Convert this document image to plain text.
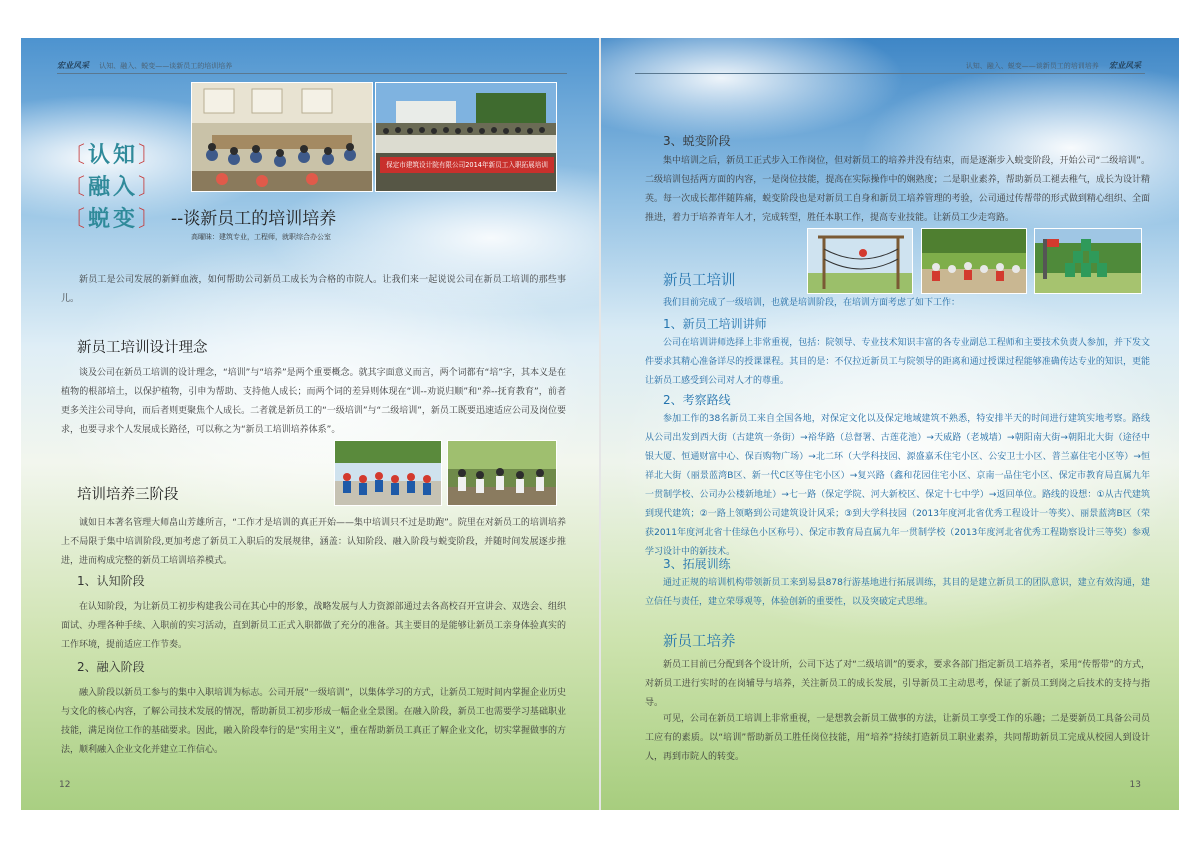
宏业风采 认知、融入、蜕变——谈新员工的培训培养
保定市建筑设计院有限公司2014年新员工入职拓展培训
〔认知〕
〔融入〕
〔蜕变〕 --谈新员工的培训培养
高曜昧：建筑专业，工程师，就职综合办公室
新员工是公司发展的新鲜血液，如何帮助公司新员工成长为合格的市院人。让我们来一起说说公司在新员工培训的那些事儿。
新员工培训设计理念
谈及公司在新员工培训的设计理念，“培训”与“培养”是两个重要概念。就其字面意义而言，两个词都有“培”字，其本义是在植物的根部培土，以保护植物，引申为帮助、支持他人成长；而两个词的差异则体现在“训--劝说归顺”和“养--抚育教育”，前者更多关注公司导向，而后者则更聚焦个人成长。二者就是新员工的“一级培训”与“二级培训”，新员工既要迅速适应公司及岗位要求，也要寻求个人发展成长路径，可以称之为“新员工培训培养体系”。
培训培养三阶段
诚如日本著名管理大师畠山芳雄所言，“工作才是培训的真正开始——集中培训只不过是助跑”。院里在对新员工的培训培养上不局限于集中培训阶段,更加考虑了新员工入职后的发展规律，涵盖：认知阶段、融入阶段与蜕变阶段，并随时间发展逐步推进，进而构成完整的新员工培训培养模式。
1、认知阶段
在认知阶段，为让新员工初步构建我公司在其心中的形象，战略发展与人力资源部通过去各高校召开宣讲会、双选会、组织面试、办理各种手续、入职前的实习活动，直到新员工正式入职都做了充分的准备。其主要目的是能够让新员工亲身体验真实的工作环境，提前适应工作节奏。
2、融入阶段
融入阶段以新员工参与的集中入职培训为标志。公司开展“一级培训”，以集体学习的方式，让新员工短时间内掌握企业历史与文化的核心内容，了解公司技术发展的情况，帮助新员工初步形成一幅企业全景图。在融入阶段，新员工也需要学习基础职业技能，满足岗位工作的基础要求。因此，融入阶段奉行的是“实用主义”，重在帮助新员工真正了解企业文化，切实掌握做事的方法，顺利融入企业文化并建立工作信心。
12
认知、融入、蜕变——谈新员工的培训培养 宏业风采
3、蜕变阶段
集中培训之后，新员工正式步入工作岗位，但对新员工的培养并没有结束，而是逐渐步入蜕变阶段，开始公司“二级培训”。二级培训包括两方面的内容，一是岗位技能，提高在实际操作中的娴熟度；二是职业素养，帮助新员工褪去稚气，成长为设计精英。每一次成长都伴随阵痛，蜕变阶段也是对新员工自身和新员工培养管理的考验，公司通过传帮带的形式做到精心组织、全面推进，着力于培养青年人才，完成转型，胜任本职工作，提高专业技能。让新员工少走弯路。
新员工培训
我们目前完成了一级培训，也就是培训阶段，在培训方面考虑了如下工作：
1、新员工培训讲师
公司在培训讲师选择上非常重视，包括：院领导、专业技术知识丰富的各专业副总工程师和主要技术负责人参加，并下发文件要求其精心准备详尽的授课课程。其目的是：不仅拉近新员工与院领导的距离和通过授课过程能够准确传达专业的知识，更能让新员工感受到公司对人才的尊重。
2、考察路线
参加工作的38名新员工来自全国各地，对保定文化以及保定地域建筑不熟悉，特安排半天的时间进行建筑实地考察。路线从公司出发到西大街（古建筑一条街）→裕华路（总督署、古莲花池）→天威路（老城墙）→朝阳南大街→朝阳北大街（途径中银大厦、恒通财富中心、保百购物广场）→北二环（大学科技园、源盛嘉禾住宅小区、公安卫士小区、普兰嘉住宅小区等）→恒祥北大街（丽景蓝湾B区、新一代C区等住宅小区）→复兴路（鑫和花园住宅小区、京南一品住宅小区、保定市教育局直属九年一贯制学校、公司办公楼新地址）→七一路（保定学院、河大新校区、保定十七中学）→返回单位。路线的设想：①从古代建筑到现代建筑；②一路上领略到公司建筑设计风采；③到大学科技园（2013年度河北省优秀工程设计一等奖）、丽景蓝湾B区（荣获2011年度河北省十佳绿色小区称号）、保定市教育局直属九年一贯制学校（2013年度河北省优秀工程勘察设计三等奖）参观学习设计中的新技术。
3、拓展训练
通过正规的培训机构带领新员工来到易县878行游基地进行拓展训练，其目的是建立新员工的团队意识，建立有效沟通，建立信任与责任，建立荣辱观等，体验创新的重要性，以及突破定式思维。
新员工培养
新员工目前已分配到各个设计所，公司下达了对“二级培训”的要求，要求各部门指定新员工培养者，采用“传帮带”的方式，对新员工进行实时的在岗辅导与培养，关注新员工的成长发展，引导新员工主动思考，保证了新员工到岗之后技术的支持与指导。
可见，公司在新员工培训上非常重视，一是想教会新员工做事的方法，让新员工享受工作的乐趣；二是要新员工具备公司员工应有的素质。以“培训”帮助新员工胜任岗位技能，用“培养”持续打造新员工职业素养，共同帮助新员工完成从校园人到设计人，再到市院人的转变。
13
